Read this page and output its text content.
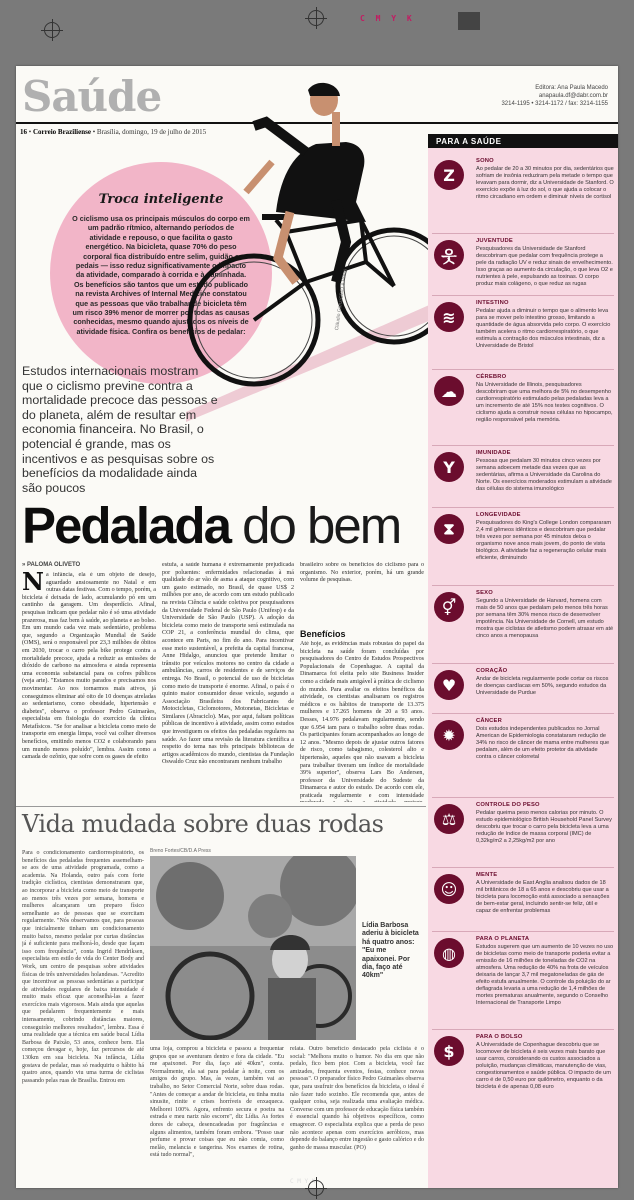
C M Y K
Saúde	Editora: Ana Paula Macedo
anapaula.df@dabr.com.br
3214-1195 • 3214-1172 / fax: 3214-1155
16 • Correio Braziliense • Brasília, domingo, 19 de julho de 2015
Troca inteligente
O ciclismo usa os principais músculos do corpo em um padrão rítmico, alternando períodos de atividade e repouso, o que facilita o gasto energético. Na bicicleta, quase 70% do peso corporal fica distribuído entre selim, guidão e pedais — isso reduz significativamente o impacto da atividade, comparado à corrida e à caminhada. Os benefícios são tantos que um estudo publicado na revista Archives of Internal Medicine constatou que as pessoas que vão trabalhar de bicicleta têm um risco 39% menor de morrer por todas as causas conhecidas, mesmo quando ajustados os níveis de atividade física. Confira os benefícios de pedalar:
Cláudio Ganz/CB/D.A Press
PARA A SAÚDE
Z
SONO
Ao pedalar de 20 a 30 minutos por dia, sedentários que sofriam de insônia reduziram pela metade o tempo que levavam para dormir, diz a Universidade de Stanford. O exercício expõe à luz do sol, o que ajuda a colocar o ritmo circadiano em ordem e diminuir níveis de cortisol
웃
JUVENTUDE
Pesquisadores da Universidade de Stanford descobriram que pedalar com frequência protege a pele da radiação UV e reduz sinais de envelhecimento. Isso graças ao aumento da circulação, o que leva O2 e nutrientes à pele, expulsando as toxinas. O corpo produz mais colágeno, o que reduz as rugas
≋
INTESTINO
Pedalar ajuda a diminuir o tempo que o alimento leva para se mover pelo intestino grosso, limitando a quantidade de água absorvida pelo corpo. O exercício também acelera o ritmo cardiorrespiratório, o que estimula a contração dos músculos intestinais, diz a Universidade de Bristol
☁
CÉREBRO
Na Universidade de Illinois, pesquisadores descobriram que uma melhora de 5% no desempenho cardiorrespiratório estimulado pelas pedaladas leva a um incremento de até 15% nos testes cognitivos. O ciclismo ajuda a construir novas células no hipocampo, região responsável pela memória.
Y
IMUNIDADE
Pessoas que pedalam 30 minutos cinco vezes por semana adoecem metade das vezes que as sedentárias, afirma a Universidade da Carolina do Norte. Os exercícios moderados estimulam a atividade das células do sistema imunológico
⧗
LONGEVIDADE
Pesquisadores do King's College London compararam 2,4 mil gêmeos idênticos e descobriram que pedalar três vezes por semana por 45 minutos deixa o organismo nove anos mais jovem, do ponto de vista biológico. A atividade faz a regeneração celular mais eficiente, diminuindo
⚥
SEXO
Segundo a Universidade de Harvard, homens com mais de 50 anos que pedalam pelo menos três horas por semana têm 30% menos risco de desenvolver impotência. Na Universidade de Cornell, um estudo mostra que ciclistas de atletismo podem atrasar em até cinco anos a menopausa
♥
CORAÇÃO
Andar de bicicleta regularmente pode cortar os riscos de doenças cardíacas em 50%, segundo estudos da Universidade de Purdue
✹
CÂNCER
Dois estudos independentes publicados no Jornal American de Epidemiologia constataram redução de 34% no risco de câncer de mama entre mulheres que pedalam, além de um efeito protetor da atividade contra o câncer colorretal
⚖
CONTROLE DO PESO
Pedalar queima peso menos calorias por minuto. O estudo epidemiológico British Household Panel Survey descobriu que trocar o carro pela bicicleta leva a uma redução de índice de massa corporal (IMC) de 0,32kg/m2 a 2,25kg/m2 por ano
☺
MENTE
A Universidade de East Anglia analisou dados de 18 mil britânicos de 18 a 65 anos e descobriu que usar a bicicleta para locomoção está associado a sensações de bem-estar geral, incluindo sentir-se feliz, útil e capaz de enfrentar problemas
◍
PARA O PLANETA
Estudos sugerem que um aumento de 10 vezes no uso de bicicletas como meio de transporte poderia evitar a emissão de 16 milhões de toneladas de CO2 na atmosfera. Uma redução de 40% na frota de veículos deixaria de lançar 3,7 mil megatoneladas de gás de efeito estufa anualmente. O controle da poluição do ar deflagrada levaria a uma redução de 1,4 milhões de mortes prematuras anualmente, segundo o Conselho Internacional de Transporte Limpo
$
PARA O BOLSO
A Universidade de Copenhague descobriu que se locomover de bicicleta é seis vezes mais barato que usar carros, considerando os custos associados a poluição, mudanças climáticas, manutenção de vias, congestionamentos e saúde pública. O impacto de um carro é de 0,50 euro por quilômetro, enquanto o da bicicleta é de apenas 0,08 euro
Estudos internacionais mostram que o ciclismo previne contra a mortalidade precoce das pessoas e do planeta, além de resultar em economia financeira. No Brasil, o potencial é grande, mas os incentivos e as pesquisas sobre os benefícios da modalidade ainda são poucos
Pedalada do bem
» PALOMA OLIVETO
Na infância, ela é um objeto de desejo, aguardado ansiosamente no Natal e em outras datas festivas. Com o tempo, porém, a bicicleta é deixada de lado, acumulando pó em um cantinho da garagem. Um desperdício. Afinal, pesquisas indicam que pedalar não é só uma atividade prazerosa, mas faz bem à saúde, ao planeta e ao bolso. Em um mundo cada vez mais sedentário, problema que, segundo a Organização Mundial de Saúde (OMS), será o responsável por 23,3 milhões de óbitos em 2030, trocar o carro pela bike protege contra a mortalidade precoce, ajuda a reduzir as emissões de dióxido de carbono na atmosfera e ainda representa uma economia substancial para os cofres públicos (veja arte). "Estamos muito parados e precisamos nos movimentar. Ao nos tornarmos mais ativos, já conseguimos eliminar até oito de 10 doenças atreladas ao sedentarismo, como obesidade, hipertensão e diabetes", observa o professor Pedro Guimarães, especialista em fisiologia do exercício da clínica Metafísicos. "Se for analisar a bicicleta como meio de transporte em energia limpa, você vai colher diversos benefícios, emitindo menos CO2 e colaborando para um mundo menos poluído", lembra. Assim como a camada de ozônio, que sofre com os gases de efeito
estufa, a saúde humana é extremamente prejudicada por poluentes: enfermidades relacionadas à má qualidade do ar vão de asma a ataque cognitivo, com um gasto estimado, no Brasil, de quase US$ 2 milhões por ano, de acordo com um estudo publicado na revista Ciência e saúde coletiva por pesquisadores da Universidade Federal de São Paulo (Unifesp) e da Universidade de São Paulo (USP). A adoção da bicicleta como meio de transporte será estimulada na COP 21, a conferência mundial do clima, que acontece em Paris, no fim do ano. Para incentivar esse meio sustentável, a prefeita da capital francesa, Anne Hidalgo, anunciou que pretende limitar o trânsito por veículos motores no centro da cidade a ambulâncias, carros de residentes e de serviços de entrega. No Brasil, o potencial de uso de bicicletas como meio de transporte é enorme. Afinal, o país é o quinto maior consumidor desse veículo, segundo a Associação Brasileira dos Fabricantes de Motocicletas, Ciclomotores, Motonetas, Bicicletas e Similares (Abraciclo). Mas, por aqui, faltam políticas públicas de incentivo à atividade, assim como estudos que investiguem os efeitos das pedaladas regulares na saúde. Ao fazer uma revisão da literatura científica a respeito do tema nas três principais bibliotecas de artigos acadêmicos do mundo, cientistas da Fundação Oswaldo Cruz não encontraram nenhum trabalho
brasileiro sobre os benefícios do ciclismo para o organismo. No exterior, porém, há um grande volume de pesquisas.
Benefícios
Até hoje, as evidências mais robustas do papel da bicicleta na saúde foram concluídas por pesquisadores do Centro de Estudos Prospectivos Populacionais de Copenhague. A capital da Dinamarca foi eleita pelo site Business Insider como a cidade mais amigável à prática de ciclismo do mundo. Para avaliar os efeitos benéficos da atividade, os cientistas analisaram os registros médicos e os hábitos de transporte de 13.375 mulheres e 17.265 homens de 20 a 93 anos. Desses, 14.976 pedalavam regularmente, sendo que 6.954 iam para o trabalho sobre duas rodas. Os participantes foram acompanhados ao longo de 12 anos. "Mesmo depois de ajustar outros fatores de risco, como tabagismo, colesterol alto e hipertensão, aqueles que não usavam a bicicleta para trabalhar tiveram um índice de mortalidade 39% superior", observa Lars Bo Andersen, professor da Universidade do Sudeste da Dinamarca e autor do estudo. De acordo com ele, praticada regularmente e com intensidade
Vida mudada sobre duas rodas
Para o condicionamento cardiorrespiratório, os benefícios das pedaladas frequentes assemelham-se aos de uma atividade programada, como a academia. Na Holanda, outro país com forte tradição ciclística, cientistas demonstraram que, ao incorporar a bicicleta como meio de transporte ao menos três vezes por semana, homens e mulheres alcançaram um preparo físico semelhante ao de pessoas que se exercitam regularmente. "Nós observamos que, para pessoas que inicialmente tinham um condicionamento muito baixo, mesmo pedalar por curtas distâncias já é suficiente para melhorá-lo, desde que façam isso com frequência", conta Ingrid Hendriksen, especialista em estilo de vida do Center Body and Work, um centro de pesquisas sobre atividades físicas de três universidades holandesas. "Acredito que incentivar as pessoas sedentárias a participar de atividades regulares de baixa intensidade é muito mais eficaz que aconselhá-las a fazer exercícios mais vigorosos. Mais ainda que aquelas que pedalarem frequentemente e mais intensamente, cobrindo distâncias maiores, conseguirão melhores resultados", lembra. Essa é uma realidade que a técnica em saúde bucal Lídia Barbosa de Paixão, 53 anos, conhece bem. Ela começou devagar e, hoje, faz percursos de até 130km em sua bicicleta. Na infância, Lídia gostava de pedalar, mas só readquiriu o hábito há quatro anos, quando viu uma turma de ciclistas passando pelas ruas de Brasília. Entrou em
Breno Fortes/CB/D.A Press
Lídia Barbosa aderiu à bicicleta há quatro anos: "Eu me apaixonei. Por dia, faço até 40km"
uma loja, comprou a bicicleta e passou a frequentar grupos que se aventuram dentro e fora da cidade. "Eu me apaixonei. Por dia, faço até 40km", conta. Normalmente, ela sai para pedalar à noite, com os amigos do grupo. Mas, às vezes, também vai ao trabalho, no Setor Comercial Norte, sobre duas rodas. "Antes de começar a andar de bicicleta, eu tinha muita sinusite, rinite e crises horríveis de enxaqueca. Melhorei 100%. Agora, enfrento secura e poeira na estrada e meu nariz não escorre", diz Lídia. As fortes dores de cabeça, desencadeadas por fragrâncias e alguns alimentos, também foram embora. "Posso usar perfume e provar coisas que eu não comia, como melão, melancia e tangerina. Nos exames de rotina, está tudo normal",
relata. Outro benefício destacado pela ciclista é o social: "Melhora muito o humor. No dia em que não pedalo, fico bem pior. Com a bicicleta, você faz amizades, frequenta eventos, festas, conhece novas pessoas". O preparador físico Pedro Guimarães observa que, para usufruir dos benefícios da bicicleta, o ideal é não fazer tudo sozinho. Ele recomenda que, antes de qualquer coisa, seja realizada uma avaliação médica. Converse com um professor de educação física também é essencial quando há objetivos específicos, como emagrecer. O especialista explica que a perda de peso não acontece apenas com exercícios aeróbicos, mas depende do balanço entre ingestão e gasto calórico e do ganho de massa muscular. (PO)
C M Y K
